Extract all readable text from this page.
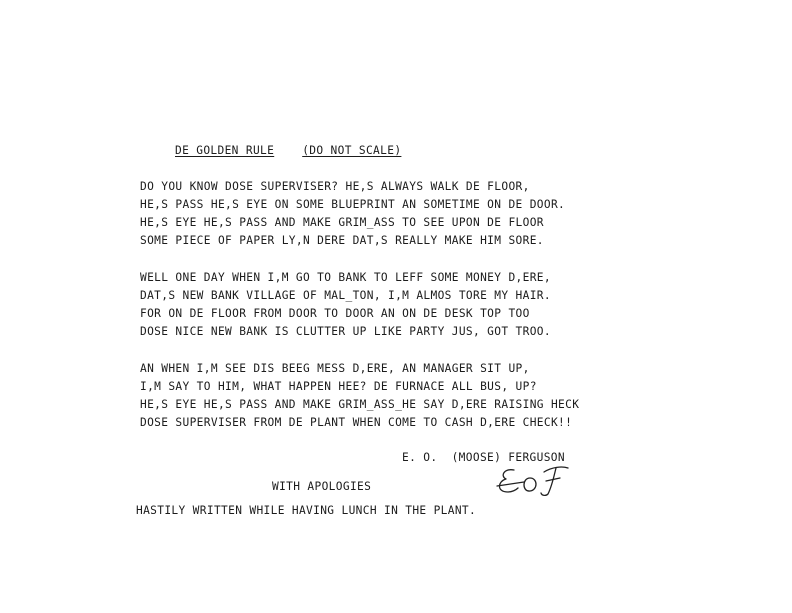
DE GOLDEN RULE	(DO NOT SCALE)
DO YOU KNOW DOSE SUPERVISER? HE,S ALWAYS WALK DE FLOOR,
HE,S PASS HE,S EYE ON SOME BLUEPRINT AN SOMETIME ON DE DOOR.
HE,S EYE HE,S PASS AND MAKE GRIM_ASS TO SEE UPON DE FLOOR
SOME PIECE OF PAPER LY,N DERE DAT,S REALLY MAKE HIM SORE.
WELL ONE DAY WHEN I,M GO TO BANK TO LEFF SOME MONEY D,ERE,
DAT,S NEW BANK VILLAGE OF MAL_TON, I,M ALMOS TORE MY HAIR.
FOR ON DE FLOOR FROM DOOR TO DOOR AN ON DE DESK TOP TOO
DOSE NICE NEW BANK IS CLUTTER UP LIKE PARTY JUS, GOT TROO.
AN WHEN I,M SEE DIS BEEG MESS D,ERE, AN MANAGER SIT UP,
I,M SAY TO HIM, WHAT HAPPEN HEE? DE FURNACE ALL BUS, UP?
HE,S EYE HE,S PASS AND MAKE GRIM_ASS_HE SAY D,ERE RAISING HECK
DOSE SUPERVISER FROM DE PLANT WHEN COME TO CASH D,ERE CHECK!!
E. O.  (MOOSE) FERGUSON
WITH APOLOGIES
HASTILY WRITTEN WHILE HAVING LUNCH IN THE PLANT.
